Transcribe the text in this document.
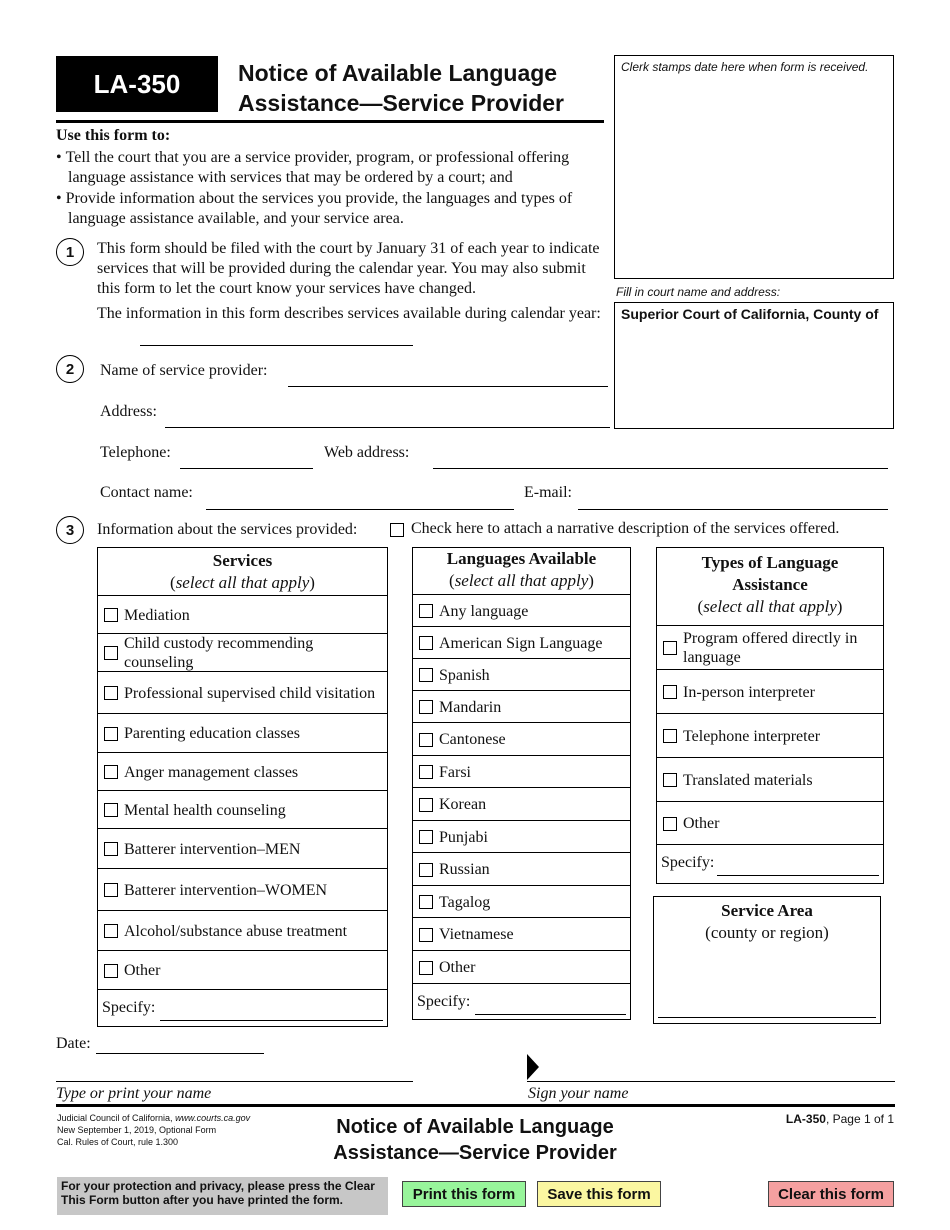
LA-350	Notice of Available Language
Assistance—Service Provider
Clerk stamps date here when form is received.
Fill in court name and address:
Superior Court of California, County of
Use this form to:
• Tell the court that you are a service provider, program, or professional offering language assistance with services that may be ordered by a court; and
• Provide information about the services you provide, the languages and types of language assistance available, and your service area.
1	This form should be filed with the court by January 31 of each year to indicate services that will be provided during the calendar year. You may also submit this form to let the court know your services have changed.
The information in this form describes services available during calendar year:
2	Name of service provider:
Address:
Telephone:	Web address:
Contact name:	E-mail:
3	Information about the services provided:	Check here to attach a narrative description of the services offered.
Services
(select all that apply)
Mediation
Child custody recommending counseling
Professional supervised child visitation
Parenting education classes
Anger management classes
Mental health counseling
Batterer intervention–MEN
Batterer intervention–WOMEN
Alcohol/substance abuse treatment
Other
Specify:
Languages Available
(select all that apply)
Any language
American Sign Language
Spanish
Mandarin
Cantonese
Farsi
Korean
Punjabi
Russian
Tagalog
Vietnamese
Other
Specify:
Types of Language Assistance
(select all that apply)
Program offered directly in language
In-person interpreter
Telephone interpreter
Translated materials
Other
Specify:
Service Area
(county or region)
Date:
Type or print your name	Sign your name
Judicial Council of California, www.courts.ca.gov
New September 1, 2019, Optional Form
Cal. Rules of Court, rule 1.300
Notice of Available Language
Assistance—Service Provider
LA-350, Page 1 of 1
For your protection and privacy, please press the Clear This Form button after you have printed the form.	Print this form	Save this form	Clear this form
